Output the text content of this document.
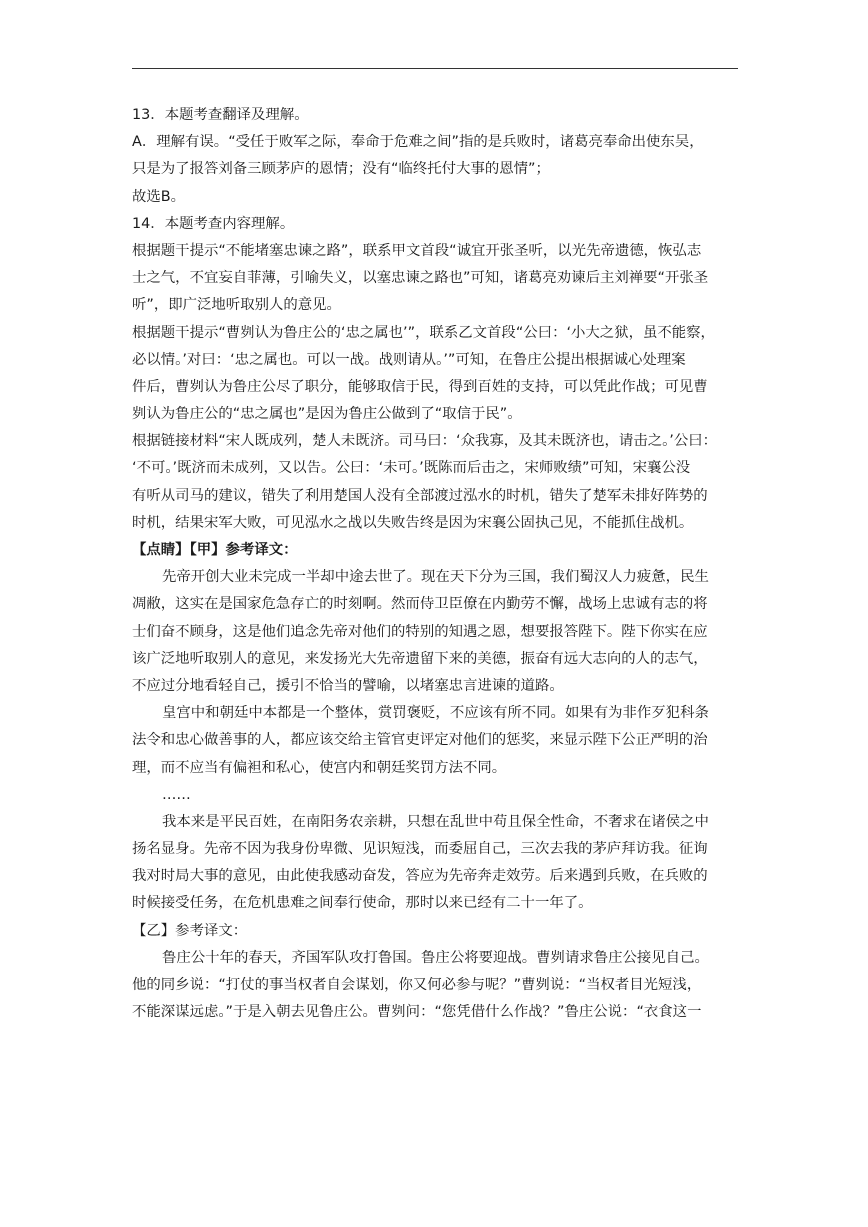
13．本题考查翻译及理解。
A．理解有误。“受任于败军之际，奉命于危难之间”指的是兵败时，诸葛亮奉命出使东吴，
只是为了报答刘备三顾茅庐的恩情；没有“临终托付大事的恩情”；
故选B。
14．本题考查内容理解。
根据题干提示“不能堵塞忠谏之路”，联系甲文首段“诚宜开张圣听，以光先帝遗德，恢弘志
士之气，不宜妄自菲薄，引喻失义，以塞忠谏之路也”可知，诸葛亮劝谏后主刘禅要“开张圣
听”，即广泛地听取别人的意见。
根据题干提示“曹刿认为鲁庄公的‘忠之属也’”，联系乙文首段“公曰：‘小大之狱，虽不能察，
必以情。’对曰：‘忠之属也。可以一战。战则请从。’”可知，在鲁庄公提出根据诚心处理案
件后，曹刿认为鲁庄公尽了职分，能够取信于民，得到百姓的支持，可以凭此作战；可见曹
刿认为鲁庄公的“忠之属也”是因为鲁庄公做到了“取信于民”。
根据链接材料“宋人既成列，楚人未既济。司马曰：‘众我寡，及其未既济也，请击之。’公曰：
‘不可。’既济而未成列，又以告。公曰：‘未可。’既陈而后击之，宋师败绩”可知，宋襄公没
有听从司马的建议，错失了利用楚国人没有全部渡过泓水的时机，错失了楚军未排好阵势的
时机，结果宋军大败，可见泓水之战以失败告终是因为宋襄公固执己见，不能抓住战机。
【点睛】【甲】参考译文：
先帝开创大业未完成一半却中途去世了。现在天下分为三国，我们蜀汉人力疲惫，民生
凋敝，这实在是国家危急存亡的时刻啊。然而侍卫臣僚在内勤劳不懈，战场上忠诚有志的将
士们奋不顾身，这是他们追念先帝对他们的特别的知遇之恩，想要报答陛下。陛下你实在应
该广泛地听取别人的意见，来发扬光大先帝遗留下来的美德，振奋有远大志向的人的志气，
不应过分地看轻自己，援引不恰当的譬喻，以堵塞忠言进谏的道路。
皇宫中和朝廷中本都是一个整体，赏罚褒贬，不应该有所不同。如果有为非作歹犯科条
法令和忠心做善事的人，都应该交给主管官吏评定对他们的惩奖，来显示陛下公正严明的治
理，而不应当有偏袒和私心，使宫内和朝廷奖罚方法不同。
……
我本来是平民百姓，在南阳务农亲耕，只想在乱世中苟且保全性命，不奢求在诸侯之中
扬名显身。先帝不因为我身份卑微、见识短浅，而委屈自己，三次去我的茅庐拜访我。征询
我对时局大事的意见，由此使我感动奋发，答应为先帝奔走效劳。后来遇到兵败，在兵败的
时候接受任务，在危机患难之间奉行使命，那时以来已经有二十一年了。
【乙】参考译文：
鲁庄公十年的春天，齐国军队攻打鲁国。鲁庄公将要迎战。曹刿请求鲁庄公接见自己。
他的同乡说：“打仗的事当权者自会谋划，你又何必参与呢？”曹刿说：“当权者目光短浅，
不能深谋远虑。”于是入朝去见鲁庄公。曹刿问：“您凭借什么作战？”鲁庄公说：“衣食这一
